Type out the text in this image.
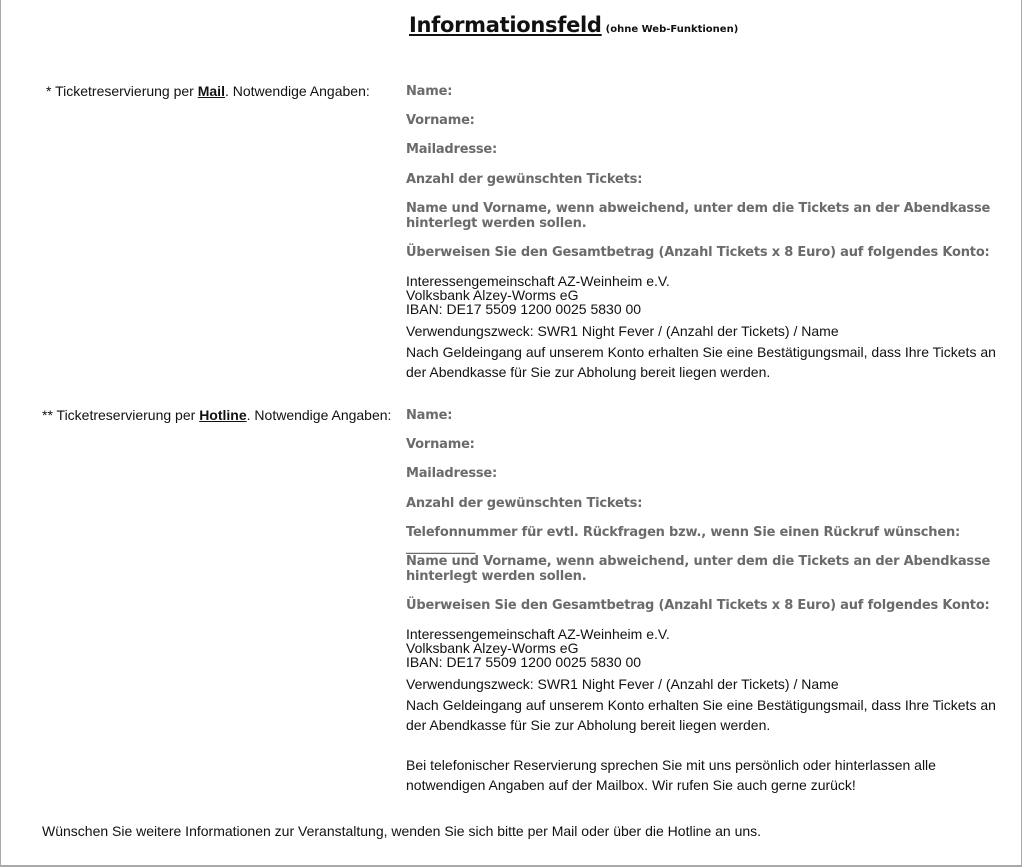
Informationsfeld (ohne Web-Funktionen)
* Ticketreservierung per Mail. Notwendige Angaben:	Name:
Vorname:
Mailadresse:
Anzahl der gewünschten Tickets:
Name und Vorname, wenn abweichend, unter dem die Tickets an der Abendkasse hinterlegt werden sollen.
Überweisen Sie den Gesamtbetrag (Anzahl Tickets x 8 Euro) auf folgendes Konto:
Interessengemeinschaft AZ-Weinheim e.V.
Volksbank Alzey-Worms eG
IBAN: DE17 5509 1200 0025 5830 00
Verwendungszweck: SWR1 Night Fever / (Anzahl der Tickets) / Name
Nach Geldeingang auf unserem Konto erhalten Sie eine Bestätigungsmail, dass Ihre Tickets an der Abendkasse für Sie zur Abholung bereit liegen werden.
** Ticketreservierung per Hotline. Notwendige Angaben: Name:
Vorname:
Mailadresse:
Anzahl der gewünschten Tickets:
Telefonnummer für evtl. Rückfragen bzw., wenn Sie einen Rückruf wünschen: ___________
Name und Vorname, wenn abweichend, unter dem die Tickets an der Abendkasse hinterlegt werden sollen.
Überweisen Sie den Gesamtbetrag (Anzahl Tickets x 8 Euro) auf folgendes Konto:
Interessengemeinschaft AZ-Weinheim e.V.
Volksbank Alzey-Worms eG
IBAN: DE17 5509 1200 0025 5830 00
Verwendungszweck: SWR1 Night Fever / (Anzahl der Tickets) / Name
Nach Geldeingang auf unserem Konto erhalten Sie eine Bestätigungsmail, dass Ihre Tickets an der Abendkasse für Sie zur Abholung bereit liegen werden.
Bei telefonischer Reservierung sprechen Sie mit uns persönlich oder hinterlassen alle notwendigen Angaben auf der Mailbox. Wir rufen Sie auch gerne zurück!
Wünschen Sie weitere Informationen zur Veranstaltung, wenden Sie sich bitte per Mail oder über die Hotline an uns.
